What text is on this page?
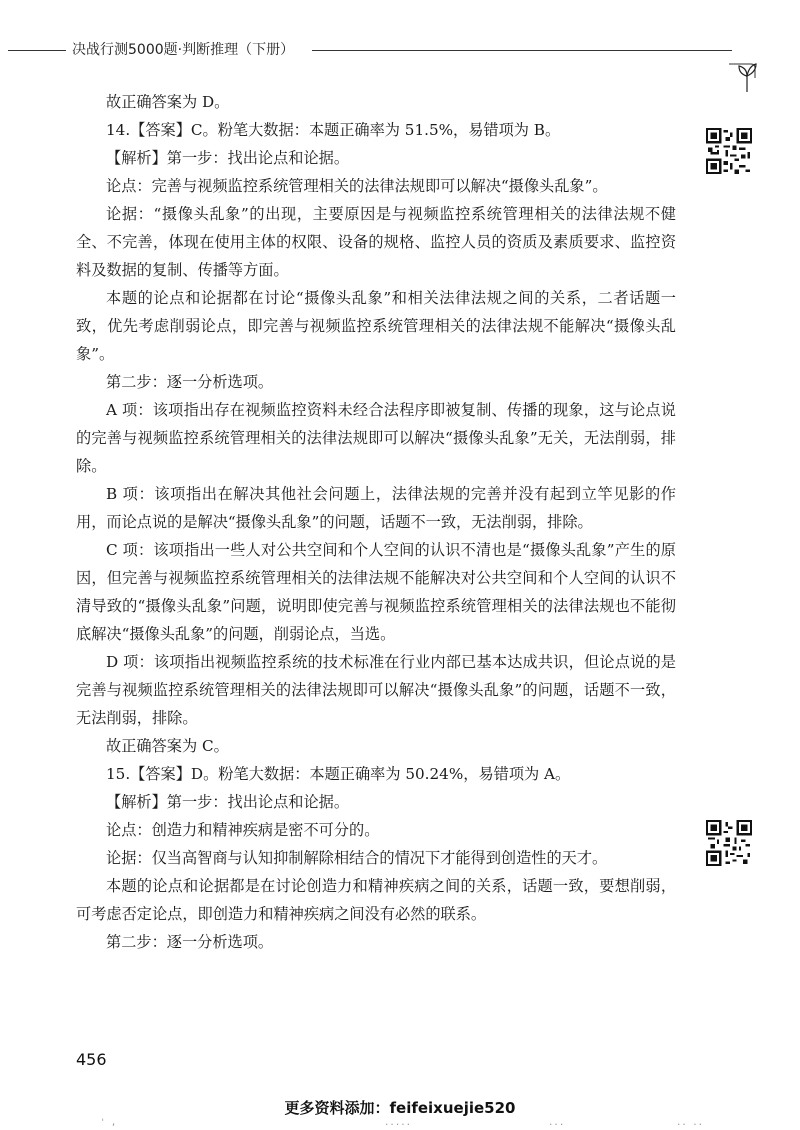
决战行测5000题·判断推理（下册）

故正确答案为 D。

14.【答案】C。粉笔大数据：本题正确率为 51.5%，易错项为 B。

【解析】第一步：找出论点和论据。

论点：完善与视频监控系统管理相关的法律法规即可以解决“摄像头乱象”。

论据：“摄像头乱象”的出现，主要原因是与视频监控系统管理相关的法律法规不健全、不完善，体现在使用主体的权限、设备的规格、监控人员的资质及素质要求、监控资料及数据的复制、传播等方面。

本题的论点和论据都在讨论“摄像头乱象”和相关法律法规之间的关系，二者话题一致，优先考虑削弱论点，即完善与视频监控系统管理相关的法律法规不能解决“摄像头乱象”。

第二步：逐一分析选项。

A 项：该项指出存在视频监控资料未经合法程序即被复制、传播的现象，这与论点说的完善与视频监控系统管理相关的法律法规即可以解决“摄像头乱象”无关，无法削弱，排除。

B 项：该项指出在解决其他社会问题上，法律法规的完善并没有起到立竿见影的作用，而论点说的是解决“摄像头乱象”的问题，话题不一致，无法削弱，排除。

C 项：该项指出一些人对公共空间和个人空间的认识不清也是“摄像头乱象”产生的原因，但完善与视频监控系统管理相关的法律法规不能解决对公共空间和个人空间的认识不清导致的“摄像头乱象”问题，说明即使完善与视频监控系统管理相关的法律法规也不能彻底解决“摄像头乱象”的问题，削弱论点，当选。

D 项：该项指出视频监控系统的技术标准在行业内部已基本达成共识，但论点说的是完善与视频监控系统管理相关的法律法规即可以解决“摄像头乱象”的问题，话题不一致，无法削弱，排除。

故正确答案为 C。

15.【答案】D。粉笔大数据：本题正确率为 50.24%，易错项为 A。

【解析】第一步：找出论点和论据。

论点：创造力和精神疾病是密不可分的。

论据：仅当高智商与认知抑制解除相结合的情况下才能得到创造性的天才。

本题的论点和论据都是在讨论创造力和精神疾病之间的关系，话题一致，要想削弱，可考虑否定论点，即创造力和精神疾病之间没有必然的联系。

第二步：逐一分析选项。

456
更多资料添加：feifeixuejie520
' ,	.....	...	.. ..
